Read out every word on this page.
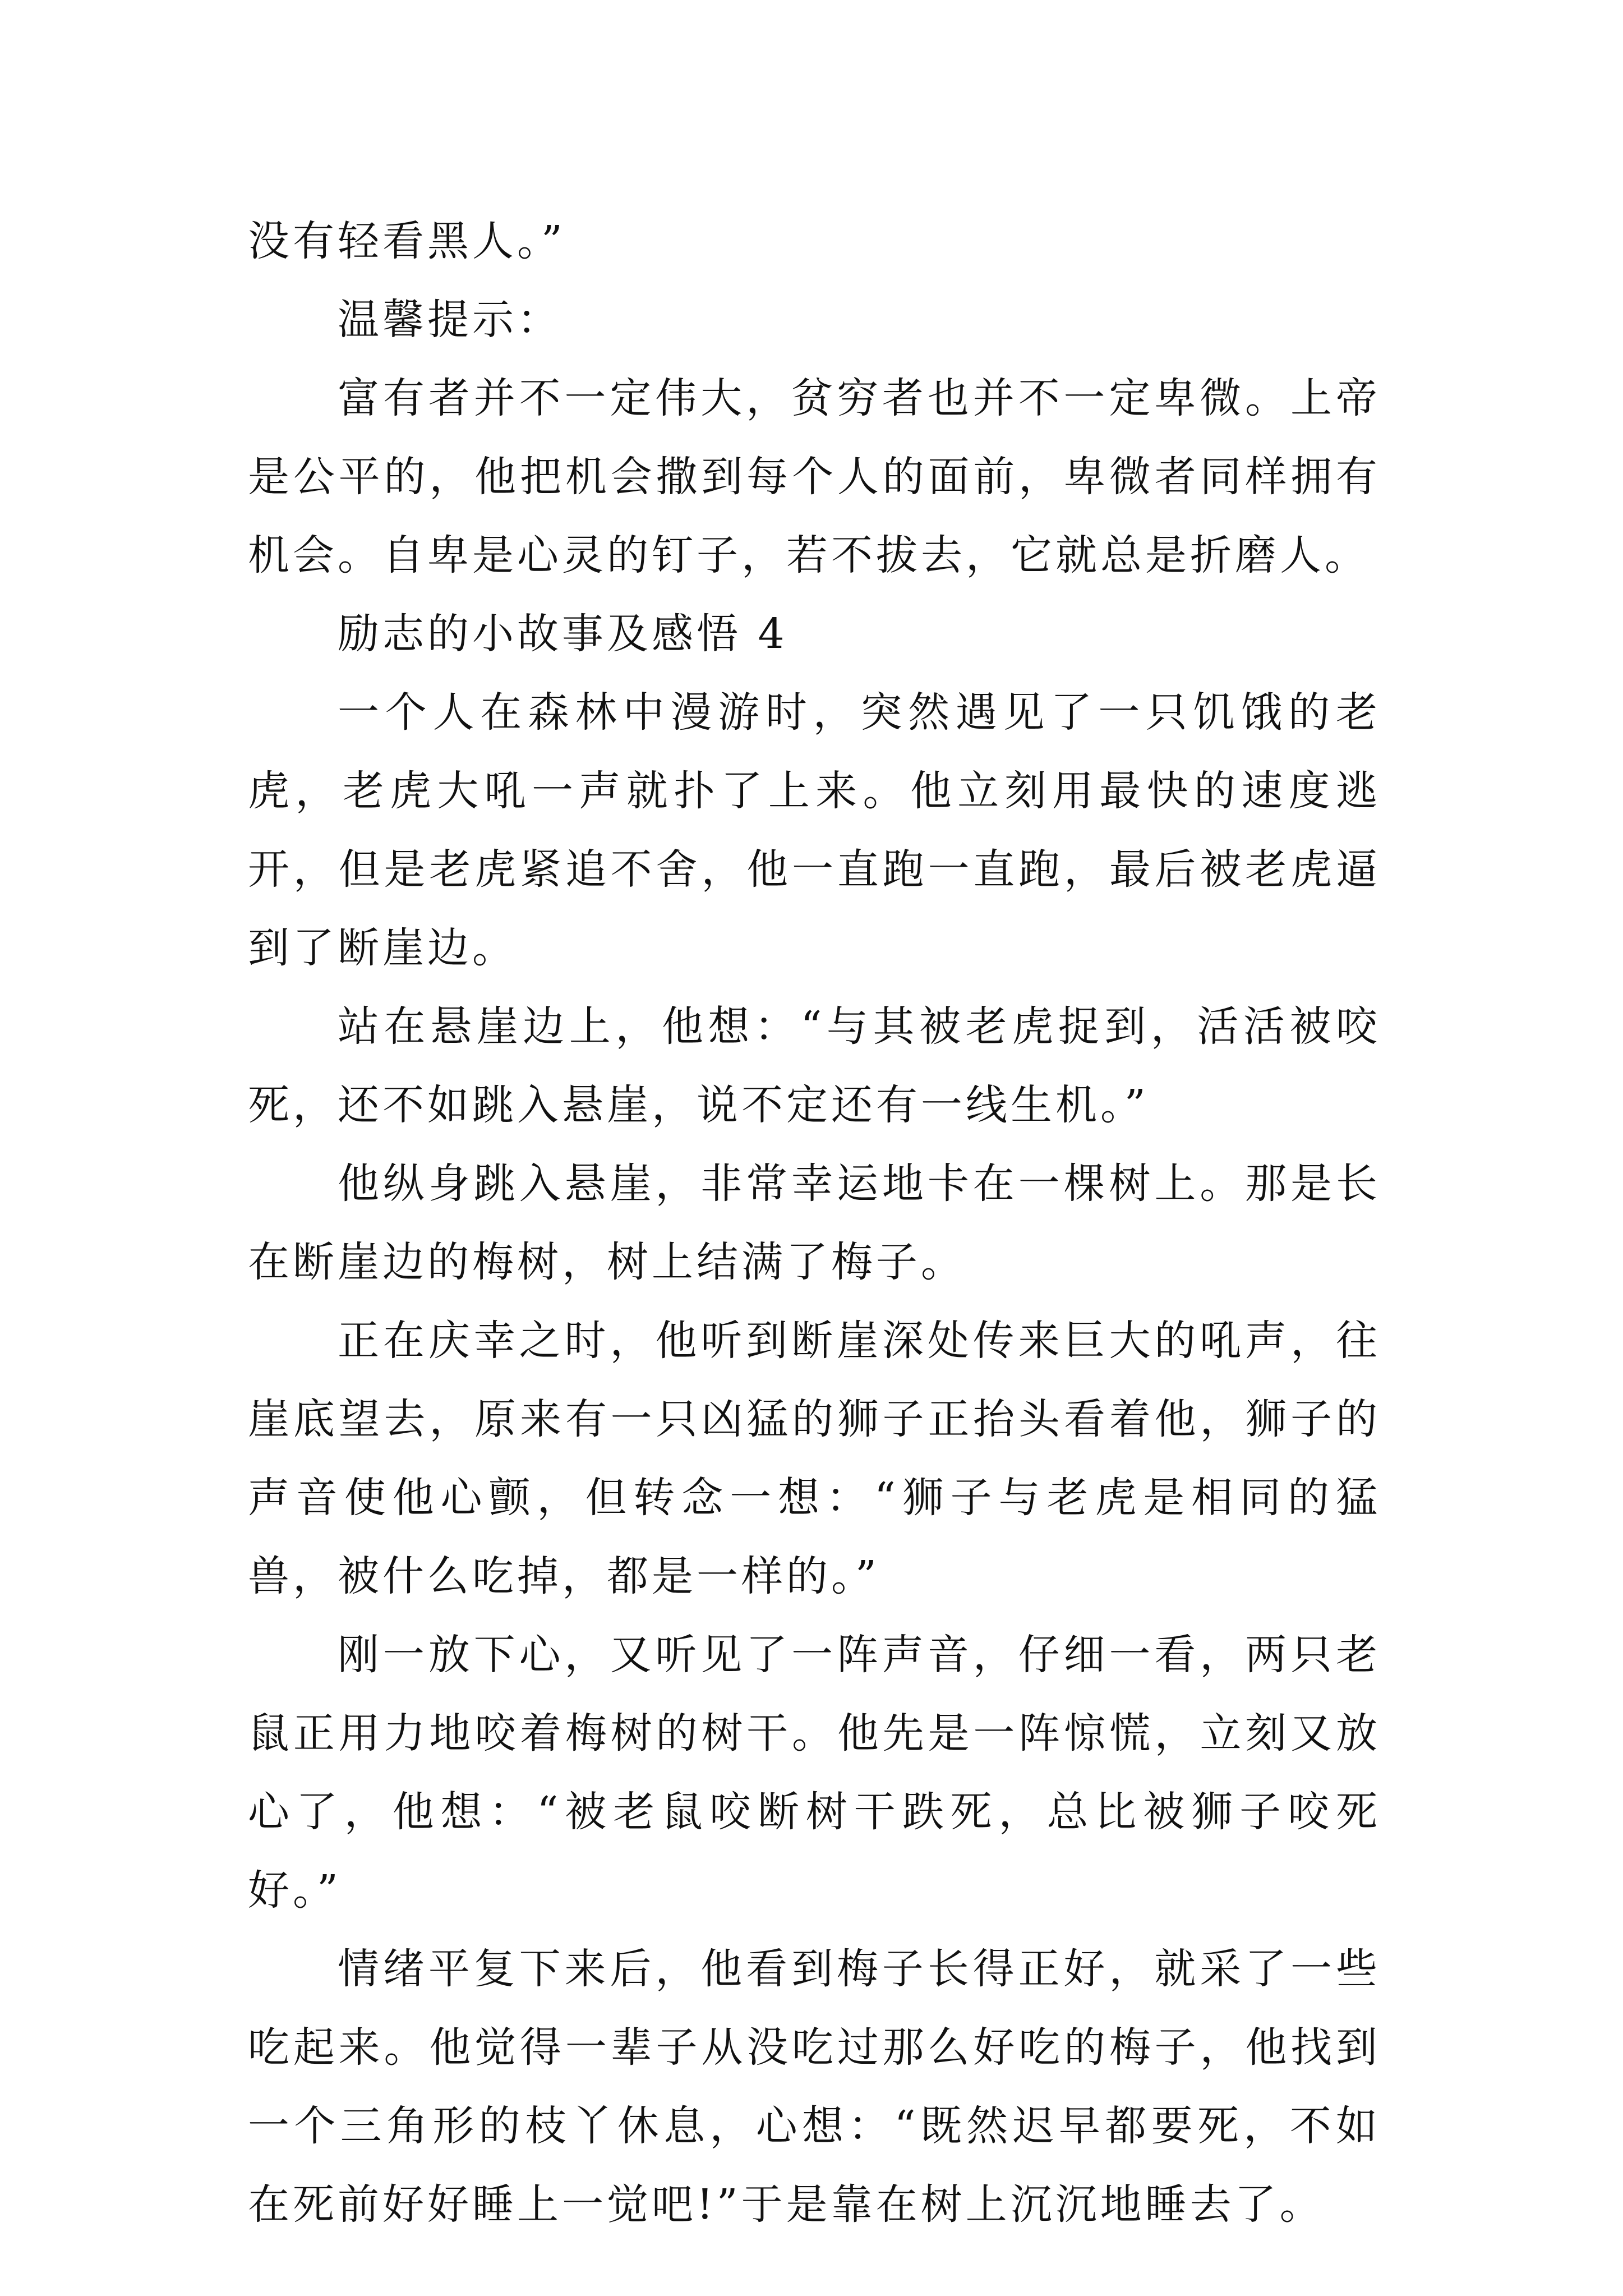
没有轻看黑人。”

温馨提示：

富有者并不一定伟大，贫穷者也并不一定卑微。上帝是公平的，他把机会撒到每个人的面前，卑微者同样拥有机会。自卑是心灵的钉子，若不拔去，它就总是折磨人。

励志的小故事及感悟 4

一个人在森林中漫游时，突然遇见了一只饥饿的老虎，老虎大吼一声就扑了上来。他立刻用最快的速度逃开，但是老虎紧追不舍，他一直跑一直跑，最后被老虎逼到了断崖边。

站在悬崖边上，他想：“与其被老虎捉到，活活被咬死，还不如跳入悬崖，说不定还有一线生机。”

他纵身跳入悬崖，非常幸运地卡在一棵树上。那是长在断崖边的梅树，树上结满了梅子。

正在庆幸之时，他听到断崖深处传来巨大的吼声，往崖底望去，原来有一只凶猛的狮子正抬头看着他，狮子的声音使他心颤，但转念一想：“狮子与老虎是相同的猛兽，被什么吃掉，都是一样的。”

刚一放下心，又听见了一阵声音，仔细一看，两只老鼠正用力地咬着梅树的树干。他先是一阵惊慌，立刻又放心了，他想：“被老鼠咬断树干跌死，总比被狮子咬死好。”

情绪平复下来后，他看到梅子长得正好，就采了一些吃起来。他觉得一辈子从没吃过那么好吃的梅子，他找到一个三角形的枝丫休息，心想：“既然迟早都要死，不如在死前好好睡上一觉吧!”于是靠在树上沉沉地睡去了。
